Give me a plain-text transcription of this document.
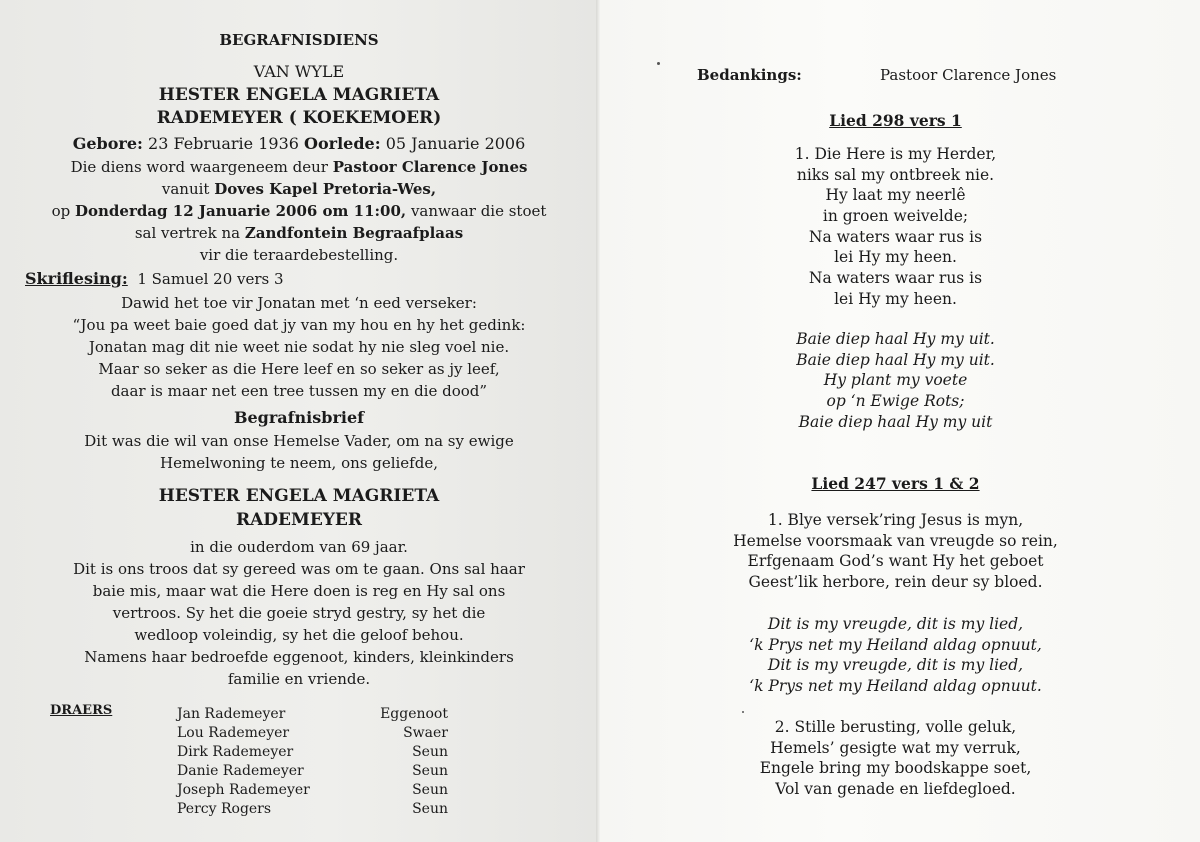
BEGRAFNISDIENS
VAN WYLE
HESTER ENGELA MAGRIETA
RADEMEYER ( KOEKEMOER)
Gebore: 23 Februarie 1936 Oorlede: 05 Januarie 2006
Die diens word waargeneem deur Pastoor Clarence Jones
vanuit Doves Kapel Pretoria-Wes,
op Donderdag 12 Januarie 2006 om 11:00, vanwaar die stoet
sal vertrek na Zandfontein Begraafplaas
vir die teraardebestelling.
Skriflesing: 1 Samuel 20 vers 3
Dawid het toe vir Jonatan met ‘n eed verseker:
“Jou pa weet baie goed dat jy van my hou en hy het gedink:
Jonatan mag dit nie weet nie sodat hy nie sleg voel nie.
Maar so seker as die Here leef en so seker as jy leef,
daar is maar net een tree tussen my en die dood”
Begrafnisbrief
Dit was die wil van onse Hemelse Vader, om na sy ewige
Hemelwoning te neem, ons geliefde,
HESTER ENGELA MAGRIETA
RADEMEYER
in die ouderdom van 69 jaar.
Dit is ons troos dat sy gereed was om te gaan. Ons sal haar
baie mis, maar wat die Here doen is reg en Hy sal ons
vertroos. Sy het die goeie stryd gestry, sy het die
wedloop voleindig, sy het die geloof behou.
Namens haar bedroefde eggenoot, kinders, kleinkinders
familie en vriende.
DRAERS	Jan Rademeyer	Eggenoot
Lou Rademeyer	Swaer
Dirk Rademeyer	Seun
Danie Rademeyer	Seun
Joseph Rademeyer	Seun
Percy Rogers	Seun
Bedankings:	Pastoor Clarence Jones
Lied 298 vers 1
1. Die Here is my Herder,
niks sal my ontbreek nie.
Hy laat my neerlê
in groen weivelde;
Na waters waar rus is
lei Hy my heen.
Na waters waar rus is
lei Hy my heen.
Baie diep haal Hy my uit.
Baie diep haal Hy my uit.
Hy plant my voete
op ‘n Ewige Rots;
Baie diep haal Hy my uit
Lied 247 vers 1 & 2
1. Blye versek’ring Jesus is myn,
Hemelse voorsmaak van vreugde so rein,
Erfgenaam God’s want Hy het geboet
Geest’lik herbore, rein deur sy bloed.
Dit is my vreugde, dit is my lied,
‘k Prys net my Heiland aldag opnuut,
Dit is my vreugde, dit is my lied,
‘k Prys net my Heiland aldag opnuut.
2. Stille berusting, volle geluk,
Hemels’ gesigte wat my verruk,
Engele bring my boodskappe soet,
Vol van genade en liefdegloed.
